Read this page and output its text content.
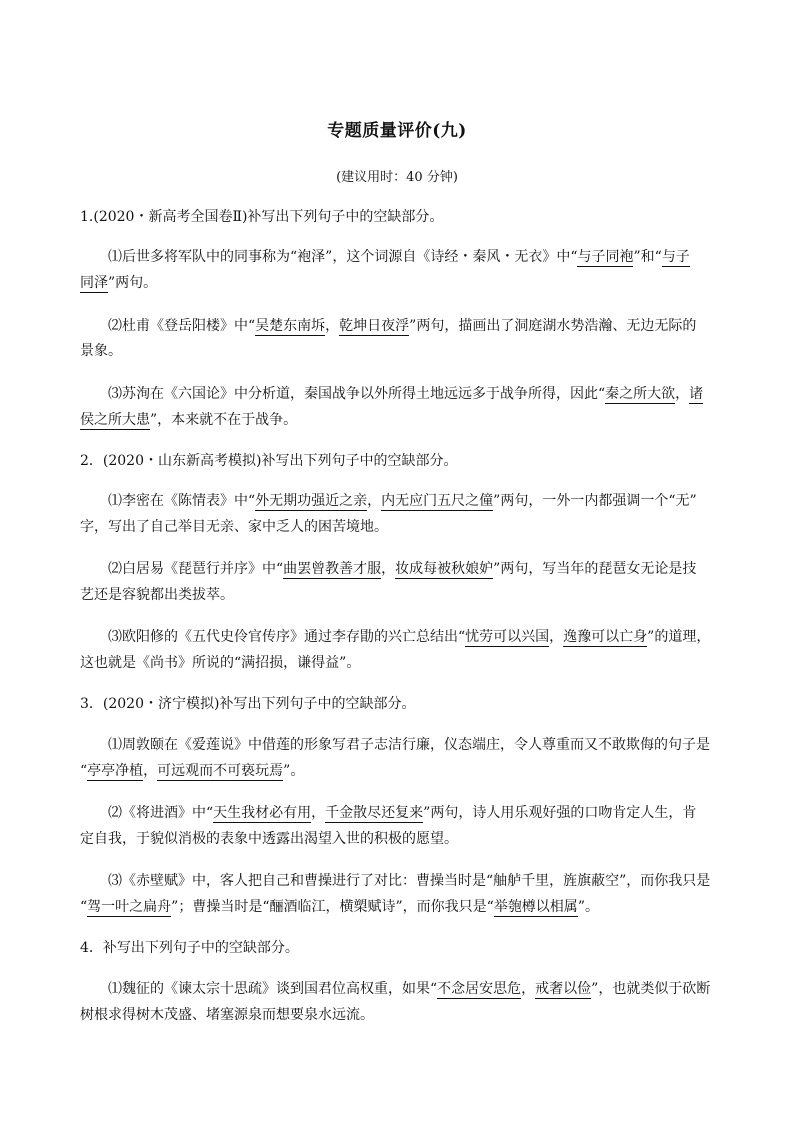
专题质量评价(九)
(建议用时：40 分钟)
1.(2020・新高考全国卷Ⅱ)补写出下列句子中的空缺部分。
⑴后世多将军队中的同事称为“袍泽”，这个词源自《诗经・秦风・无衣》中“与子同袍”和“与子
同泽”两句。
⑵杜甫《登岳阳楼》中“吴楚东南坼，乾坤日夜浮”两句，描画出了洞庭湖水势浩瀚、无边无际的
景象。
⑶苏洵在《六国论》中分析道，秦国战争以外所得土地远远多于战争所得，因此“秦之所大欲，诸
侯之所大患”，本来就不在于战争。
2．(2020・山东新高考模拟)补写出下列句子中的空缺部分。
⑴李密在《陈情表》中“外无期功强近之亲，内无应门五尺之僮”两句，一外一内都强调一个“无”
字，写出了自己举目无亲、家中乏人的困苦境地。
⑵白居易《琵琶行并序》中“曲罢曾教善才服，妆成每被秋娘妒”两句，写当年的琵琶女无论是技
艺还是容貌都出类拔萃。
⑶欧阳修的《五代史伶官传序》通过李存勖的兴亡总结出“忧劳可以兴国，逸豫可以亡身”的道理，
这也就是《尚书》所说的“满招损，谦得益”。
3．(2020・济宁模拟)补写出下列句子中的空缺部分。
⑴周敦颐在《爱莲说》中借莲的形象写君子志洁行廉，仪态端庄，令人尊重而又不敢欺侮的句子是
“亭亭净植，可远观而不可亵玩焉”。
⑵《将进酒》中“天生我材必有用，千金散尽还复来”两句，诗人用乐观好强的口吻肯定人生，肯
定自我，于貌似消极的表象中透露出渴望入世的积极的愿望。
⑶《赤壁赋》中，客人把自己和曹操进行了对比：曹操当时是“舳舻千里，旌旗蔽空”，而你我只是
“驾一叶之扁舟”；曹操当时是“酾酒临江，横槊赋诗”，而你我只是“举匏樽以相属”。
4．补写出下列句子中的空缺部分。
⑴魏征的《谏太宗十思疏》谈到国君位高权重，如果“不念居安思危，戒奢以俭”，也就类似于砍断
树根求得树木茂盛、堵塞源泉而想要泉水远流。
